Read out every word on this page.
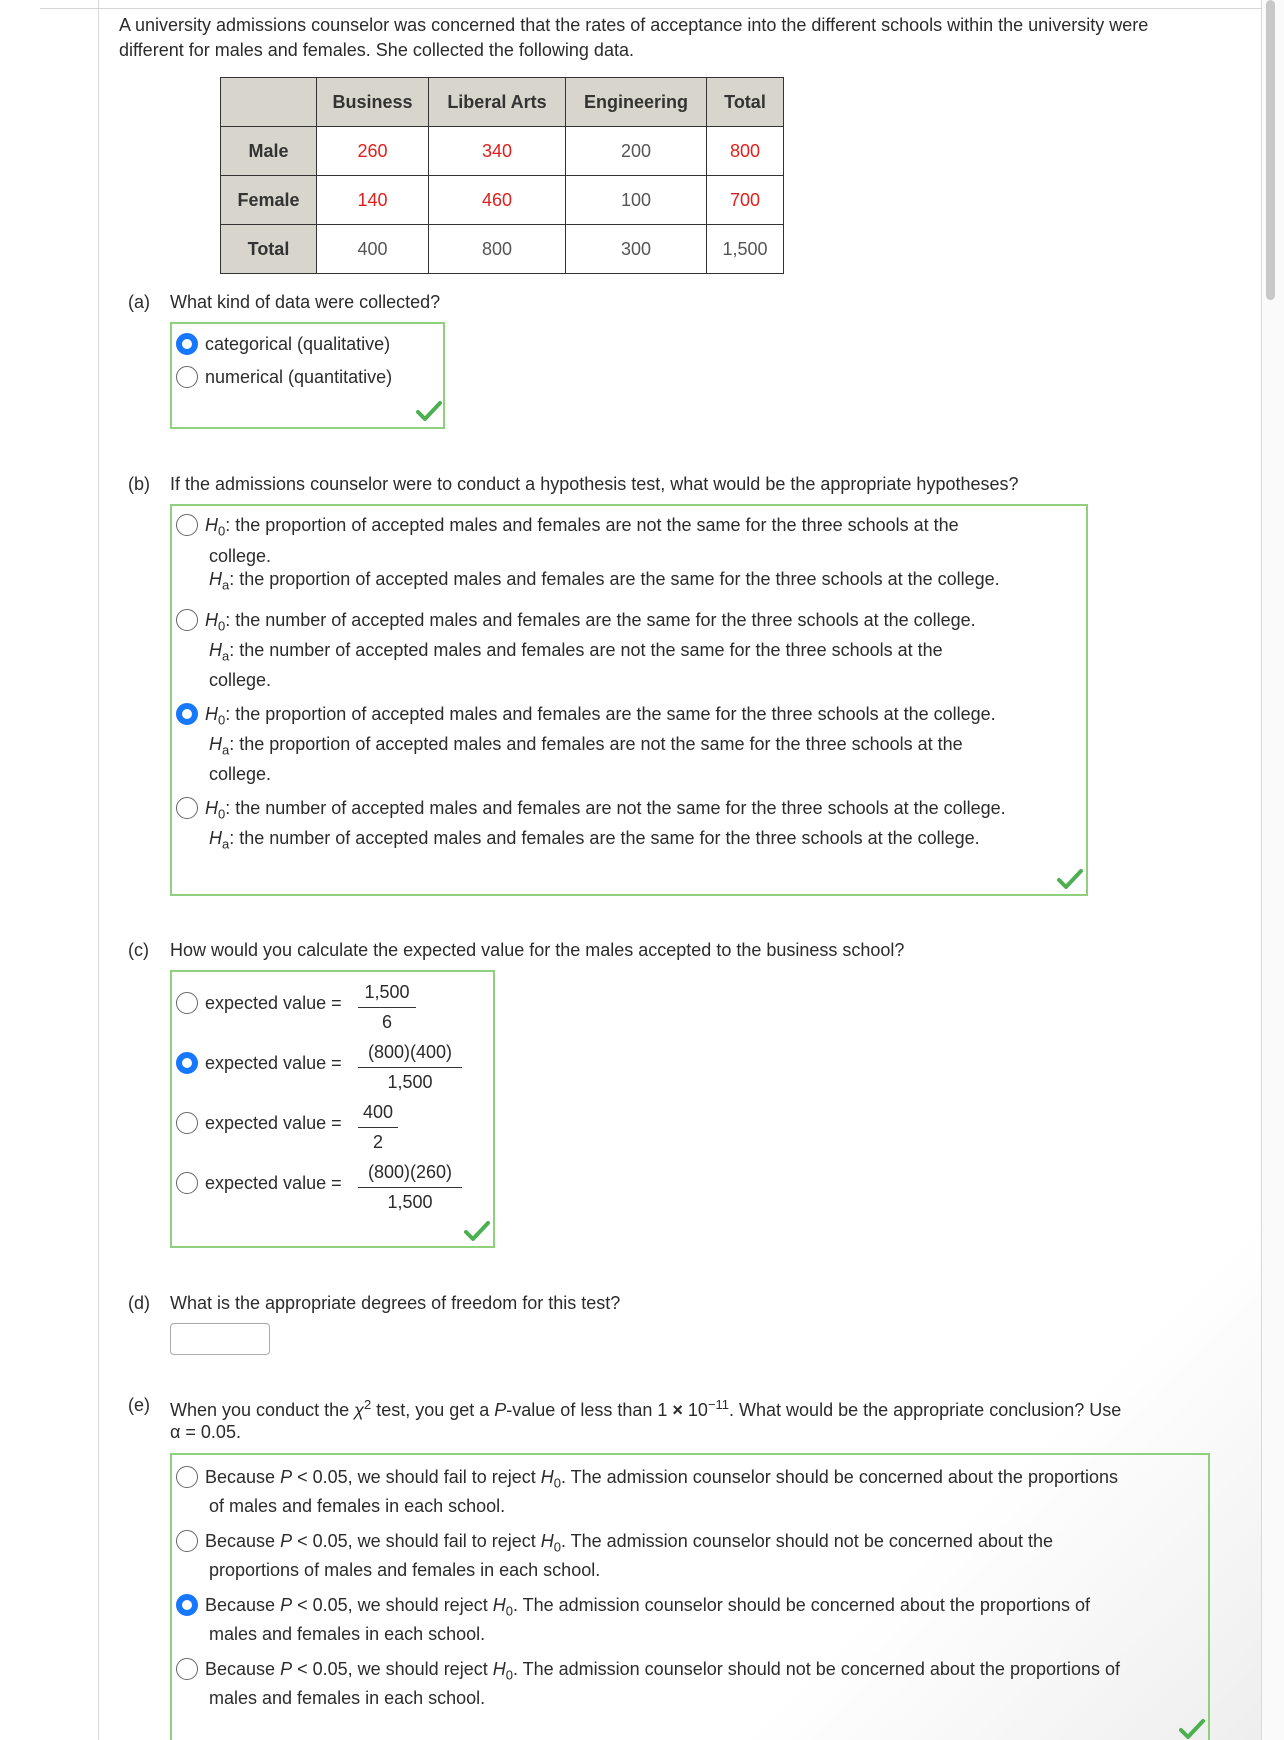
A university admissions counselor was concerned that the rates of acceptance into the different schools within the university were
different for males and females. She collected the following data.
	Business	Liberal Arts	Engineering	Total
Male	260	340	200	800
Female	140	460	100	700
Total	400	800	300	1,500
(a) What kind of data were collected?
categorical (qualitative)
numerical (quantitative)
(b) If the admissions counselor were to conduct a hypothesis test, what would be the appropriate hypotheses?
$H_0$: the proportion of accepted males and females are not the same for the three schools at the
college.
$H_a$: the proportion of accepted males and females are the same for the three schools at the college.
$H_0$: the number of accepted males and females are the same for the three schools at the college.
$H_a$: the number of accepted males and females are not the same for the three schools at the
college.
$H_0$: the proportion of accepted males and females are the same for the three schools at the college.
$H_a$: the proportion of accepted males and females are not the same for the three schools at the
college.
$H_0$: the number of accepted males and females are not the same for the three schools at the college.
$H_a$: the number of accepted males and females are the same for the three schools at the college.
(c) How would you calculate the expected value for the males accepted to the business school?
expected value = $\frac{1,500}{6}$
expected value = $\frac{(800)(400)}{1,500}$
expected value = $\frac{400}{2}$
expected value = $\frac{(800)(260)}{1,500}$
(d) What is the appropriate degrees of freedom for this test?
(e) When you conduct the $\chi^2$ test, you get a P-value of less than $1 \times 10^{-11}$. What would be the appropriate conclusion? Use
α = 0.05.
Because P < 0.05, we should fail to reject $H_0$. The admission counselor should be concerned about the proportions
of males and females in each school.
Because P < 0.05, we should fail to reject $H_0$. The admission counselor should not be concerned about the
proportions of males and females in each school.
Because P < 0.05, we should reject $H_0$. The admission counselor should be concerned about the proportions of
males and females in each school.
Because P < 0.05, we should reject $H_0$. The admission counselor should not be concerned about the proportions of
males and females in each school.
